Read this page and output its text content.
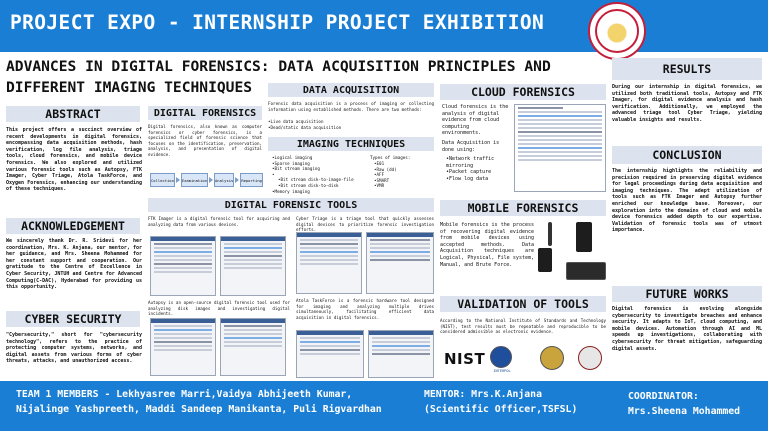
PROJECT EXPO - INTERNSHIP PROJECT EXHIBITION
ADVANCES IN DIGITAL FORENSICS: DATA ACQUISITION PRINCIPLES AND DIFFERENT IMAGING TECHNIQUES
ABSTRACT
This project offers a succinct overview of recent developments in digital forensics, encompassing data acquisition methods, hash verification, log file analysis, triage tools, cloud forensics, and mobile device forensics. We also explored and utilized various forensic tools such as Autopsy, FTK Imager, Cyber Triage, Atola TaskForce, and Oxygen Forensics, enhancing our understanding of these techniques.
ACKNOWLEDGEMENT
We sincerely thank Dr. R. Sridevi for her coordination, Mrs. K. Anjana, our mentor, for her guidance, and Mrs. Sheena Mohammed for her constant support and cooperation. Our gratitude to the Centre of Excellence in Cyber Security, JNTUH and Centre for Advanced Computing(C-DAC), Hyderabad for providing us this opportunity.
CYBER SECURITY
"Cybersecurity," short for "cybersecurity technology", refers to the practice of protecting computer systems, networks, and digital assets from various forms of cyber threats, attacks, and unauthorized access.
DIGITAL FORENSICS
Digital forensics, also known as computer forensics or cyber forensics, is a specialized field of forensic science that focuses on the identification, preservation, analysis, and presentation of digital evidence.
Collection Examination Analysis Reporting
DATA ACQUISITION
Forensic data acquisition is a process of imaging or collecting information using established methods. There are two methods:
• Live data acquisition
• Dead/static data acquisition
IMAGING TECHNIQUES
• Logical imaging
• Sparse imaging
• Bit stream imaging
• • Bit stream disk-to-image-file
• Bit stream disk-to-disk
• Memory imaging
Types of images:
• E01
• Raw (dd)
• AFF
• SMART
• VMR
DIGITAL FORENSIC TOOLS
FTK Imager is a digital forensic tool for acquiring and analyzing data from various devices.
Cyber Triage is a triage tool that quickly assesses digital devices to prioritize forensic investigation efforts.
Autopsy is an open-source digital forensic tool used for analyzing disk images and investigating digital incidents.
Atola TaskForce is a forensic hardware tool designed for imaging and analyzing multiple drives simultaneously, facilitating efficient data acquisition in digital forensics.
CLOUD FORENSICS
Cloud forensics is the analysis of digital evidence from cloud computing environments.
Data Acquisition is done using:
• Network traffic mirroring
• Packet capture
• Flow log data
MOBILE FORENSICS
Mobile forensics is the process of recovering digital evidence from mobile devices using accepted methods. Data Acquisition techniques are Logical, Physical, File system, Manual, and Brute Force.
VALIDATION OF TOOLS
According to the National Institute of Standards and Technology (NIST), test results must be repeatable and reproducible to be considered admissible as electronic evidence.
NIST
INTERPOL
RESULTS
During our internship in digital forensics, we utilized both traditional tools, Autopsy and FTK Imager, for digital evidence analysis and hash verification. Additionally, we employed the advanced triage tool Cyber Triage, yielding valuable insights and results.
CONCLUSION
The internship highlights the reliability and precision required in preserving digital evidence for legal proceedings during data acquisition and imaging techniques. The adept utilization of tools such as FTK Imager and Autopsy further enriched our knowledge base. Moreover, our exploration into the domains of cloud and mobile device forensics added depth to our expertise. Validation of forensic tools was of utmost importance.
FUTURE WORKS
Digital forensics is evolving alongside cybersecurity to investigate breaches and enhance security. It adapts to IoT, cloud computing, and mobile devices. Automation through AI and ML speeds up investigations, collaborating with cybersecurity for threat mitigation, safeguarding digital assets.
TEAM 1 MEMBERS - Lekhyasree Marri,Vaidya Abhijeeth Kumar,
Nijalinge Yashpreeth, Maddi Sandeep Manikanta, Puli Rigvardhan
MENTOR: Mrs.K.Anjana
(Scientific Officer,TSFSL)
COORDINATOR:
Mrs.Sheena Mohammed
